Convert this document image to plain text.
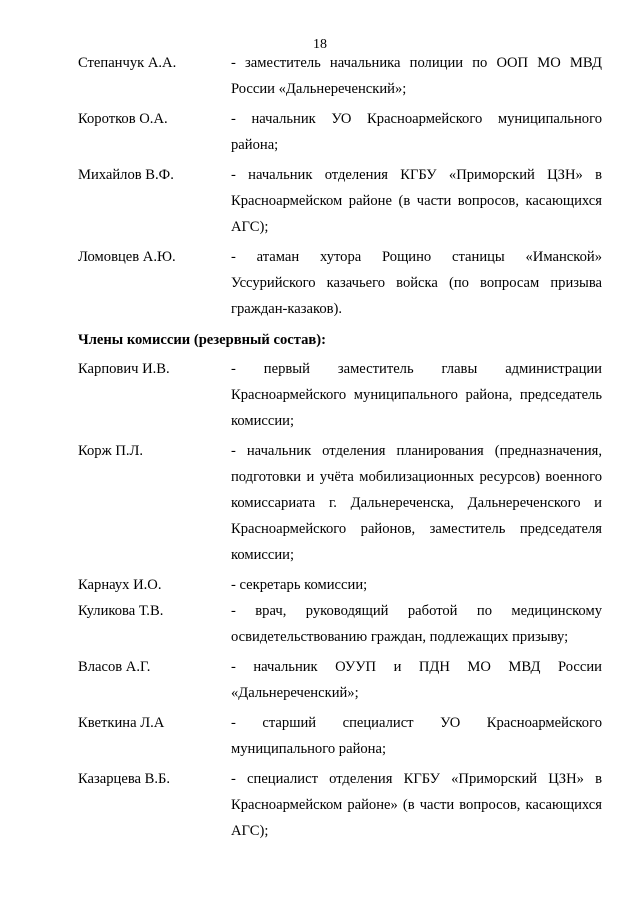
18
Степанчук А.А.	- заместитель начальника полиции по ООП МО МВД России «Дальнереченский»;
Коротков О.А.	- начальник УО Красноармейского муниципального района;
Михайлов В.Ф.	- начальник отделения КГБУ «Приморский ЦЗН» в Красноармейском районе (в части вопросов, касающихся АГС);
Ломовцев А.Ю.	- атаман хутора Рощино станицы «Иманской» Уссурийского казачьего войска (по вопросам призыва граждан-казаков).
Члены комиссии (резервный состав):
Карпович И.В.	- первый заместитель главы администрации Красноармейского муниципального района, председатель комиссии;
Корж П.Л.	- начальник отделения планирования (предназначения, подготовки и учёта мобилизационных ресурсов) военного комиссариата г. Дальнереченска, Дальнереченского и Красноармейского районов, заместитель председателя комиссии;
Карнаух И.О.	- секретарь комиссии;
Куликова Т.В.	- врач, руководящий работой по медицинскому освидетельствованию граждан, подлежащих призыву;
Власов А.Г.	- начальник ОУУП и ПДН МО МВД России «Дальнереченский»;
Кветкина Л.А	- старший специалист УО Красноармейского муниципального района;
Казарцева В.Б.	- специалист отделения КГБУ «Приморский ЦЗН» в Красноармейском районе» (в части вопросов, касающихся АГС);
